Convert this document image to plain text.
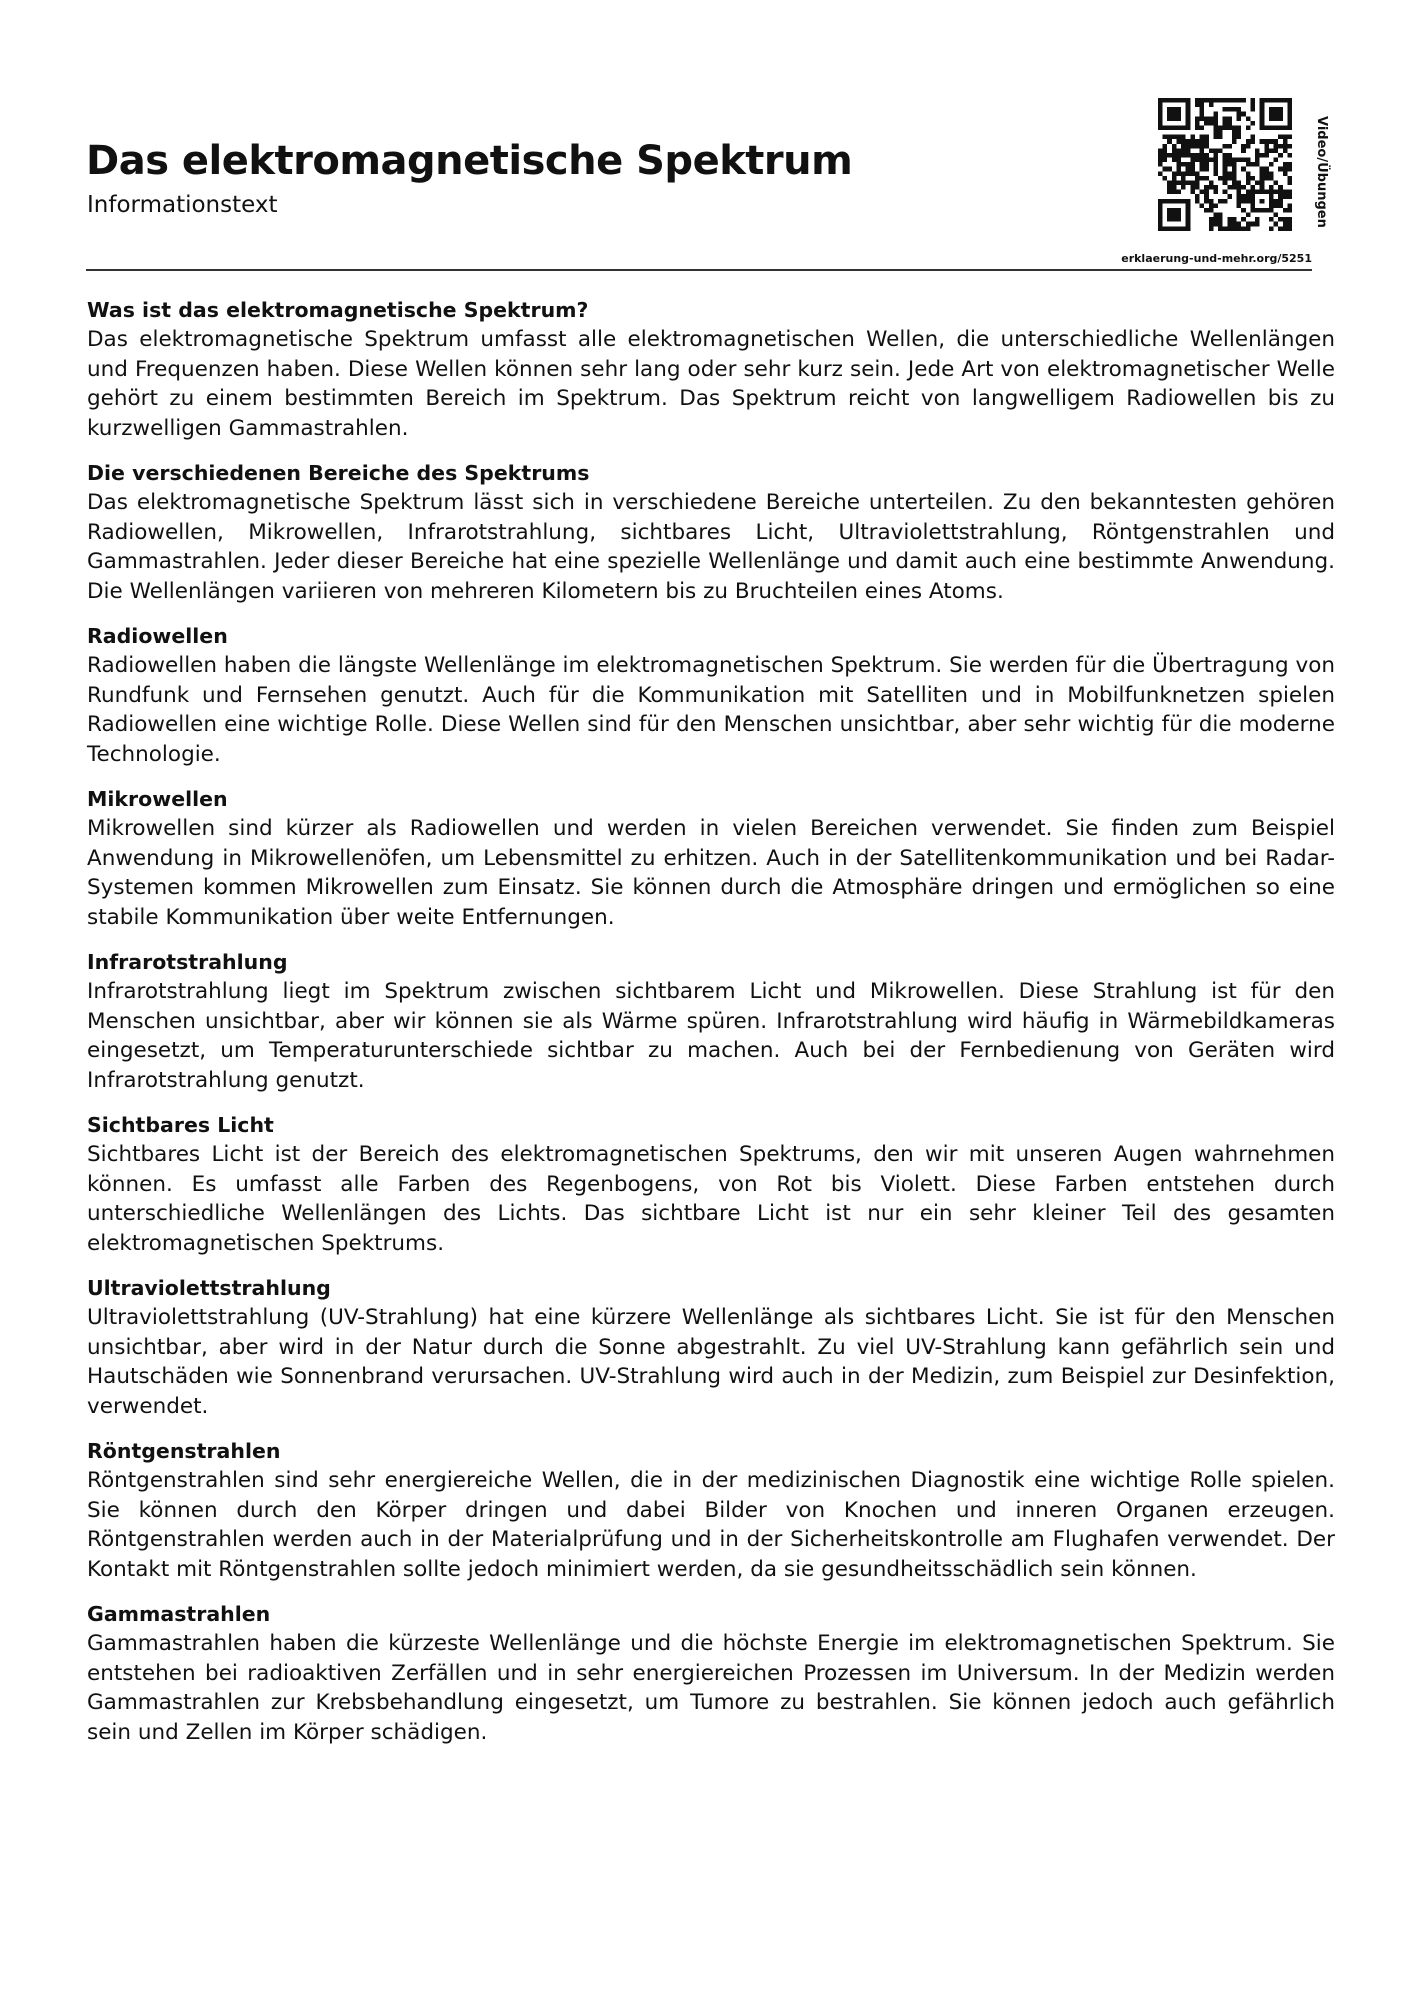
Das elektromagnetische Spektrum
Informationstext	Video/Übungen
erklaerung-und-mehr.org/5251
Was ist das elektromagnetische Spektrum?

Das elektromagnetische Spektrum umfasst alle elektromagnetischen Wellen, die unterschiedliche Wellenlängen und Frequenzen haben. Diese Wellen können sehr lang oder sehr kurz sein. Jede Art von elektromagnetischer Welle gehört zu einem bestimmten Bereich im Spektrum. Das Spektrum reicht von langwelligem Radiowellen bis zu kurzwelligen Gammastrahlen.

Die verschiedenen Bereiche des Spektrums

Das elektromagnetische Spektrum lässt sich in verschiedene Bereiche unterteilen. Zu den bekanntesten gehören Radiowellen, Mikrowellen, Infrarotstrahlung, sichtbares Licht, Ultraviolettstrahlung, Röntgenstrahlen und Gammastrahlen. Jeder dieser Bereiche hat eine spezielle Wellenlänge und damit auch eine bestimmte Anwendung. Die Wellenlängen variieren von mehreren Kilometern bis zu Bruchteilen eines Atoms.

Radiowellen

Radiowellen haben die längste Wellenlänge im elektromagnetischen Spektrum. Sie werden für die Übertragung von Rundfunk und Fernsehen genutzt. Auch für die Kommunikation mit Satelliten und in Mobilfunknetzen spielen Radiowellen eine wichtige Rolle. Diese Wellen sind für den Menschen unsichtbar, aber sehr wichtig für die moderne Technologie.

Mikrowellen

Mikrowellen sind kürzer als Radiowellen und werden in vielen Bereichen verwendet. Sie finden zum Beispiel Anwendung in Mikrowellenöfen, um Lebensmittel zu erhitzen. Auch in der Satellitenkommunikation und bei Radar-Systemen kommen Mikrowellen zum Einsatz. Sie können durch die Atmosphäre dringen und ermöglichen so eine stabile Kommunikation über weite Entfernungen.

Infrarotstrahlung

Infrarotstrahlung liegt im Spektrum zwischen sichtbarem Licht und Mikrowellen. Diese Strahlung ist für den Menschen unsichtbar, aber wir können sie als Wärme spüren. Infrarotstrahlung wird häufig in Wärmebildkameras eingesetzt, um Temperaturunterschiede sichtbar zu machen. Auch bei der Fernbedienung von Geräten wird Infrarotstrahlung genutzt.

Sichtbares Licht

Sichtbares Licht ist der Bereich des elektromagnetischen Spektrums, den wir mit unseren Augen wahrnehmen können. Es umfasst alle Farben des Regenbogens, von Rot bis Violett. Diese Farben entstehen durch unterschiedliche Wellenlängen des Lichts. Das sichtbare Licht ist nur ein sehr kleiner Teil des gesamten elektromagnetischen Spektrums.

Ultraviolettstrahlung

Ultraviolettstrahlung (UV-Strahlung) hat eine kürzere Wellenlänge als sichtbares Licht. Sie ist für den Menschen unsichtbar, aber wird in der Natur durch die Sonne abgestrahlt. Zu viel UV-Strahlung kann gefährlich sein und Hautschäden wie Sonnenbrand verursachen. UV-Strahlung wird auch in der Medizin, zum Beispiel zur Desinfektion, verwendet.

Röntgenstrahlen

Röntgenstrahlen sind sehr energiereiche Wellen, die in der medizinischen Diagnostik eine wichtige Rolle spielen. Sie können durch den Körper dringen und dabei Bilder von Knochen und inneren Organen erzeugen. Röntgenstrahlen werden auch in der Materialprüfung und in der Sicherheitskontrolle am Flughafen verwendet. Der Kontakt mit Röntgenstrahlen sollte jedoch minimiert werden, da sie gesundheitsschädlich sein können.

Gammastrahlen

Gammastrahlen haben die kürzeste Wellenlänge und die höchste Energie im elektromagnetischen Spektrum. Sie entstehen bei radioaktiven Zerfällen und in sehr energiereichen Prozessen im Universum. In der Medizin werden Gammastrahlen zur Krebsbehandlung eingesetzt, um Tumore zu bestrahlen. Sie können jedoch auch gefährlich sein und Zellen im Körper schädigen.
